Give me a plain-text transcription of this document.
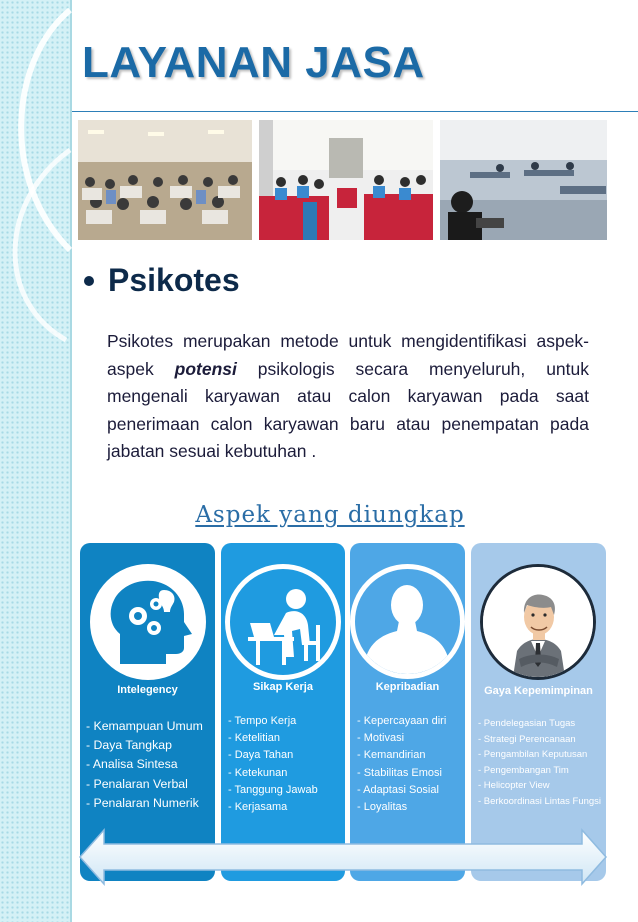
LAYANAN JASA
Psikotes

Psikotes merupakan metode untuk mengidentifikasi aspek-aspek potensi psikologis secara menyeluruh, untuk mengenali karyawan atau calon karyawan pada saat penerimaan calon karyawan baru atau penempatan pada jabatan sesuai kebutuhan .

Aspek yang diungkap
Intelegency
- Kemampuan Umum
- Daya Tangkap
- Analisa Sintesa
- Penalaran Verbal
- Penalaran Numerik
Sikap Kerja
- Tempo Kerja
- Ketelitian
- Daya Tahan
- Ketekunan
- Tanggung Jawab
- Kerjasama
Kepribadian
- Kepercayaan diri
- Motivasi
- Kemandirian
- Stabilitas Emosi
- Adaptasi Sosial
- Loyalitas
Gaya Kepemimpinan
- Pendelegasian Tugas
- Strategi Perencanaan
- Pengambilan Keputusan
- Pengembangan Tim
- Helicopter View
- Berkoordinasi Lintas Fungsi
